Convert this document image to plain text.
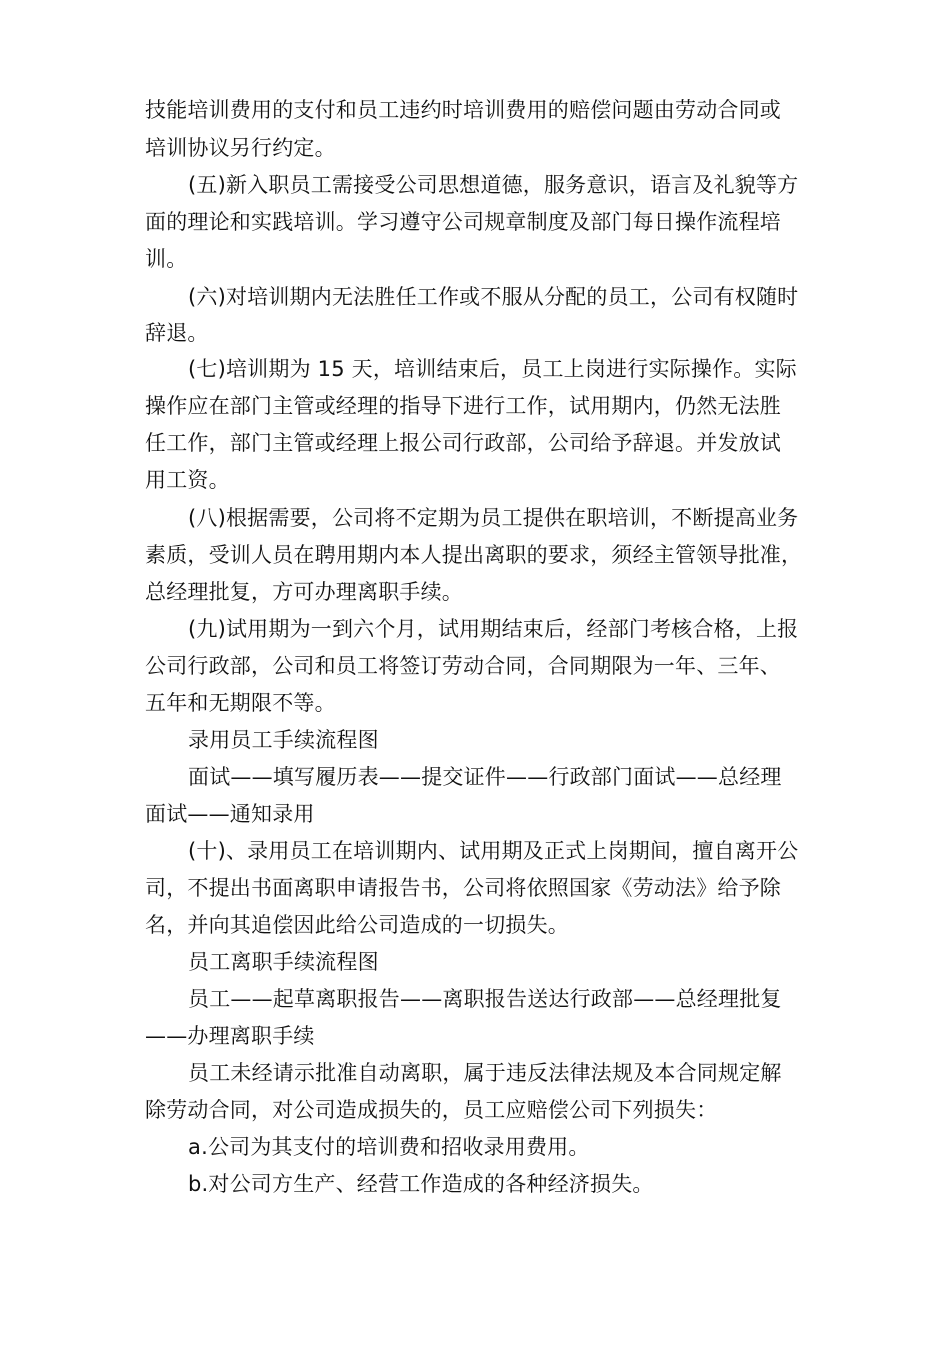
技能培训费用的支付和员工违约时培训费用的赔偿问题由劳动合同或
培训协议另行约定。
(五)新入职员工需接受公司思想道德，服务意识，语言及礼貌等方
面的理论和实践培训。学习遵守公司规章制度及部门每日操作流程培
训。
(六)对培训期内无法胜任工作或不服从分配的员工，公司有权随时
辞退。
(七)培训期为 15 天，培训结束后，员工上岗进行实际操作。实际
操作应在部门主管或经理的指导下进行工作，试用期内，仍然无法胜
任工作，部门主管或经理上报公司行政部，公司给予辞退。并发放试
用工资。
(八)根据需要，公司将不定期为员工提供在职培训，不断提高业务
素质，受训人员在聘用期内本人提出离职的要求，须经主管领导批准，
总经理批复，方可办理离职手续。
(九)试用期为一到六个月，试用期结束后，经部门考核合格，上报
公司行政部，公司和员工将签订劳动合同，合同期限为一年、三年、
五年和无期限不等。
录用员工手续流程图
面试——填写履历表——提交证件——行政部门面试——总经理
面试——通知录用
(十)、录用员工在培训期内、试用期及正式上岗期间，擅自离开公
司，不提出书面离职申请报告书，公司将依照国家《劳动法》给予除
名，并向其追偿因此给公司造成的一切损失。
员工离职手续流程图
员工——起草离职报告——离职报告送达行政部——总经理批复
——办理离职手续
员工未经请示批准自动离职，属于违反法律法规及本合同规定解
除劳动合同，对公司造成损失的，员工应赔偿公司下列损失：
a.公司为其支付的培训费和招收录用费用。
b.对公司方生产、经营工作造成的各种经济损失。
